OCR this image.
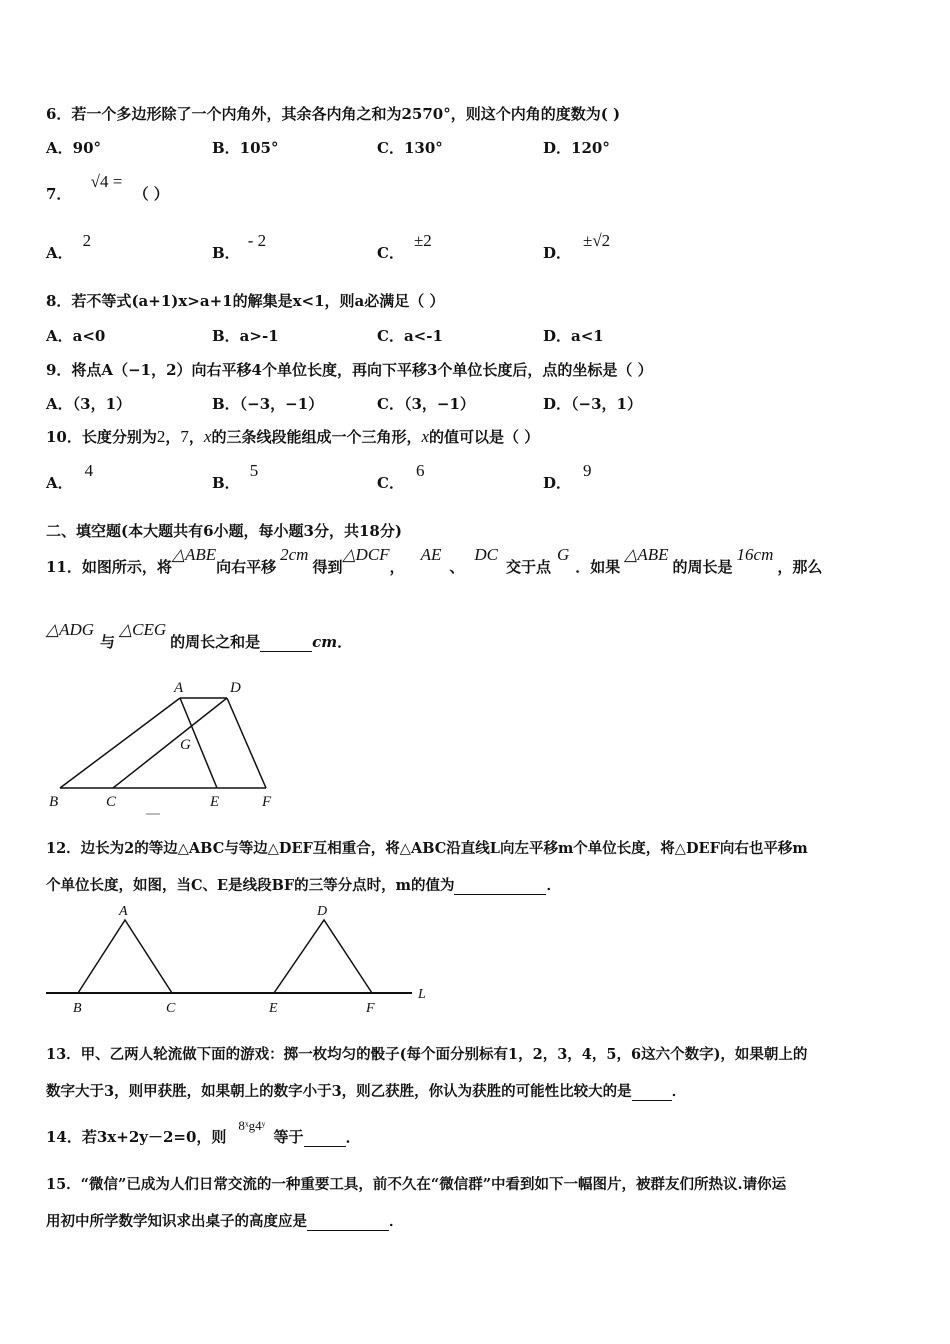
6．若一个多边形除了一个内角外，其余各内角之和为2570°，则这个内角的度数为( )
A．90°	B．105°	C．130°	D．120°
7． √4 = （ ）
A．2
B．- 2
C．±2
D．±√2
8．若不等式(a+1)x>a+1的解集是x<1，则a必满足（ ）
A．a<0	B．a>-1	C．a<-1	D．a<1
9．将点A（−1，2）向右平移4个单位长度，再向下平移3个单位长度后，点的坐标是（ ）
A．（3，1）	B．（−3，−1）	C．（3，−1）	D．（−3，1）
10．长度分别为2，7，x的三条线段能组成一个三角形，x的值可以是（ ）
A．4
B．5
C．6
D．9
二、填空题(本大题共有6小题，每小题3分，共18分)
11．如图所示，将△ABE向右平移2cm得到△DCF，AE、DC交于点G．如果△ABE的周长是16cm，那么
△ADG与△CEG的周长之和是	cm．
A	D
G
B	C	E	F
12．边长为2的等边△ABC与等边△DEF互相重合，将△ABC沿直线L向左平移m个单位长度，将△DEF向右也平移m
个单位长度，如图，当C、E是线段BF的三等分点时，m的值为	．
A	D
B	C	E	F
L
13．甲、乙两人轮流做下面的游戏：掷一枚均匀的骰子(每个面分别标有1，2，3，4，5，6这六个数字)，如果朝上的
数字大于3，则甲获胜，如果朝上的数字小于3，则乙获胜，你认为获胜的可能性比较大的是	．
14．若3x+2y－2=0，则8ˣg4ʸ等于	．
15．“微信”已成为人们日常交流的一种重要工具，前不久在“微信群”中看到如下一幅图片，被群友们所热议.请你运
用初中所学数学知识求出桌子的高度应是	．
